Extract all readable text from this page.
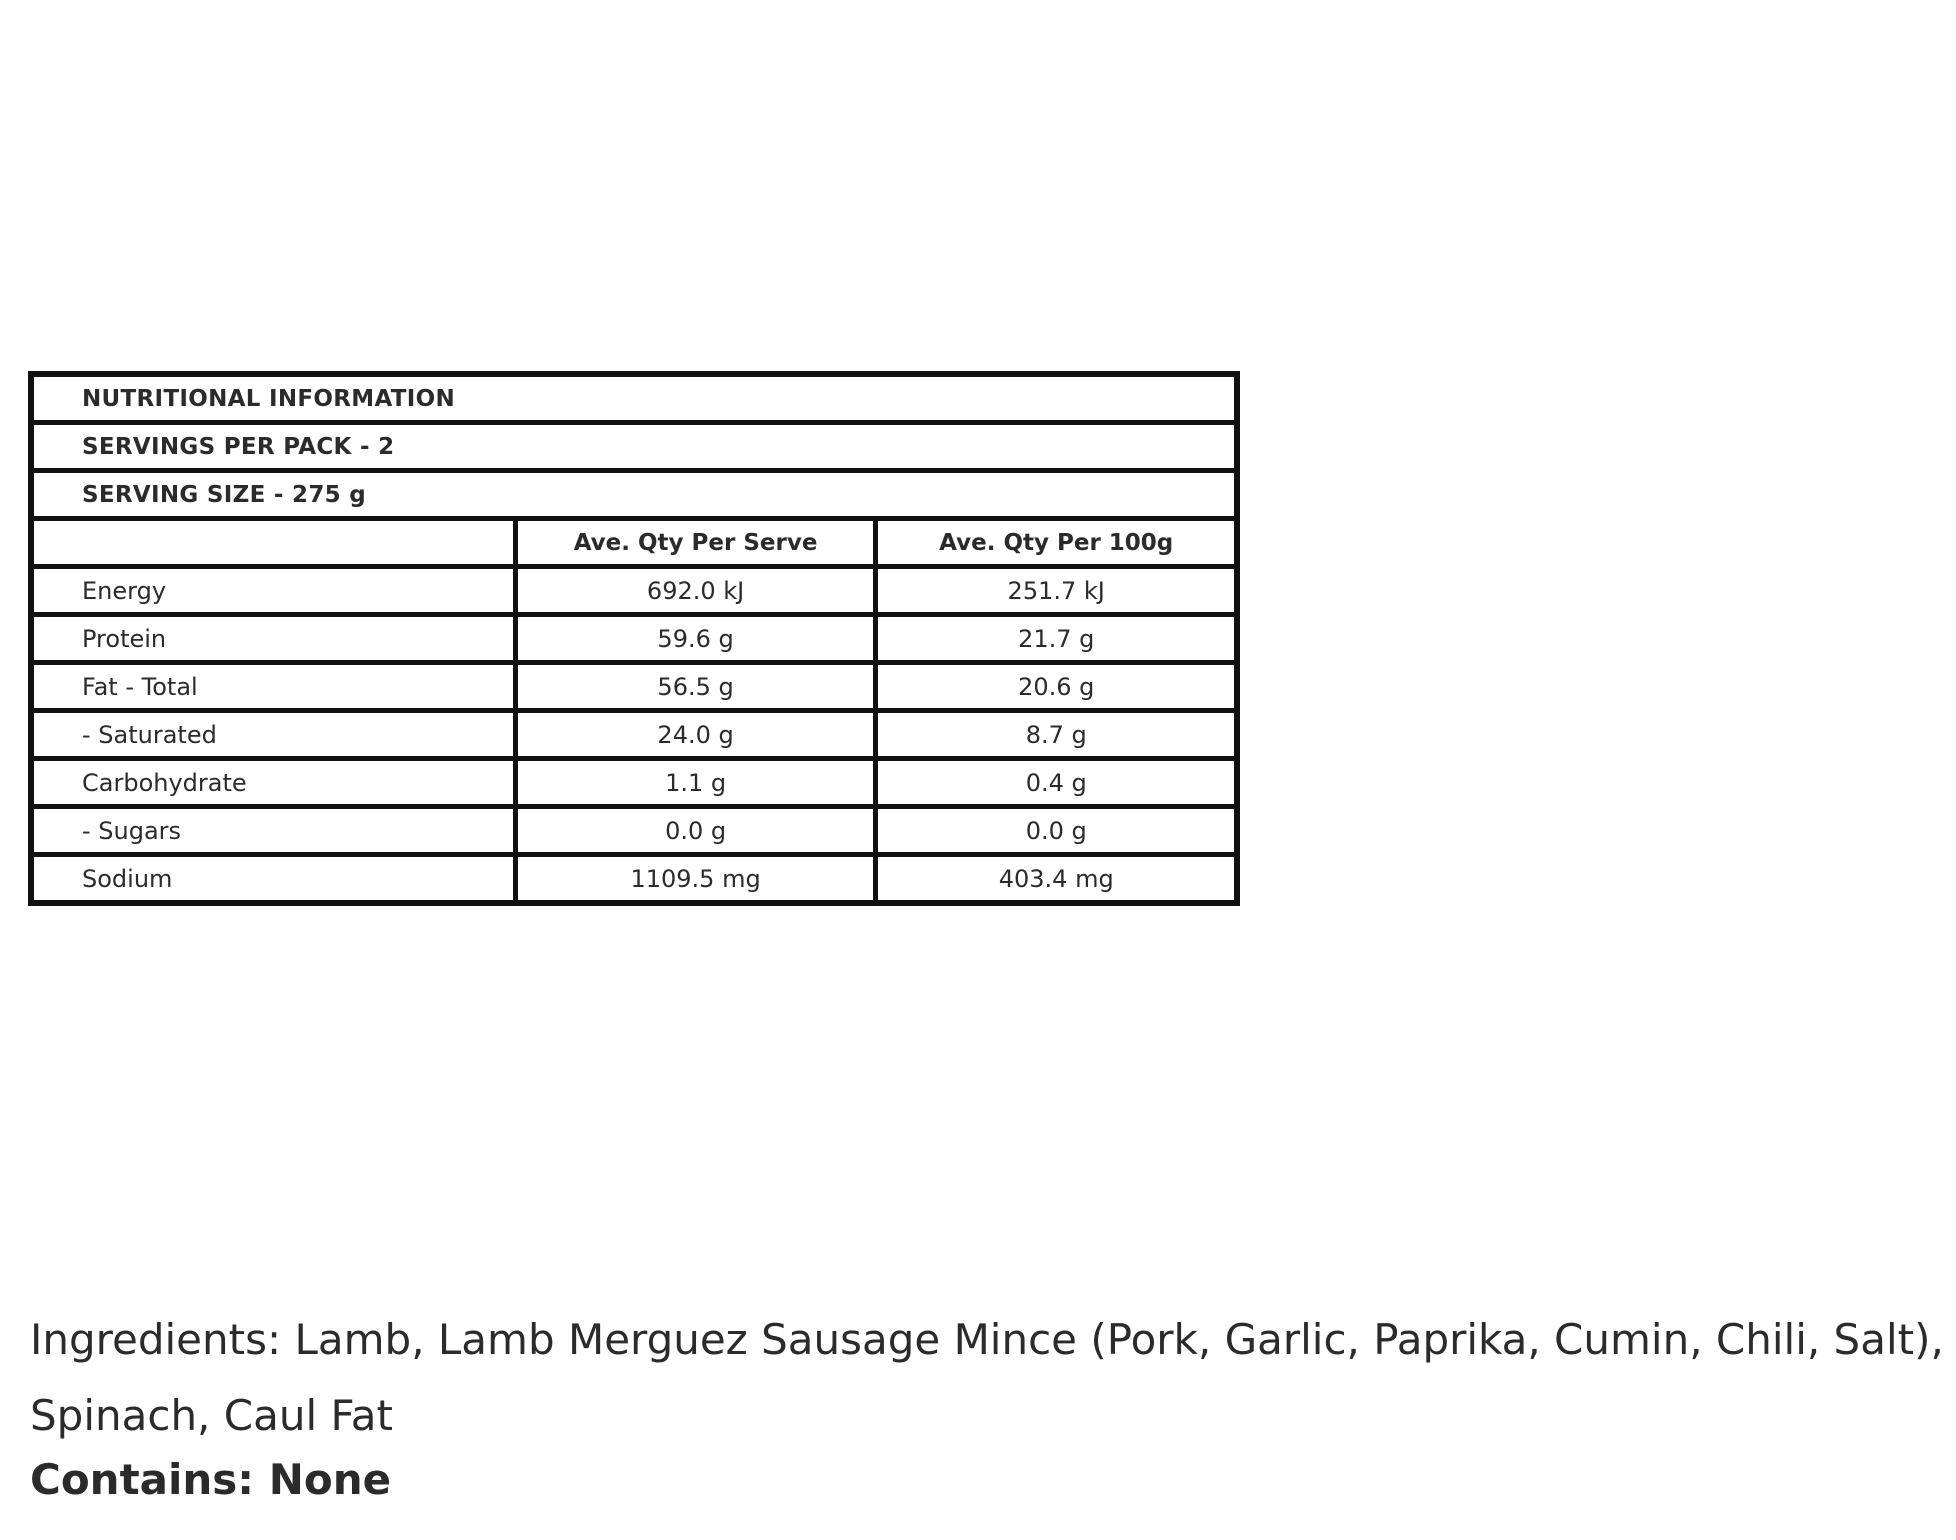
NUTRITIONAL INFORMATION		
SERVINGS PER PACK - 2		
SERVING SIZE - 275 g		
	Ave. Qty Per Serve	Ave. Qty Per 100g
Energy	692.0 kJ	251.7 kJ
Protein	59.6 g	21.7 g
Fat - Total	56.5 g	20.6 g
- Saturated	24.0 g	8.7 g
Carbohydrate	1.1 g	0.4 g
- Sugars	0.0 g	0.0 g
Sodium	1109.5 mg	403.4 mg

Ingredients: Lamb, Lamb Merguez Sausage Mince (Pork, Garlic, Paprika, Cumin, Chili, Salt), Spinach, Caul Fat

Contains: None
